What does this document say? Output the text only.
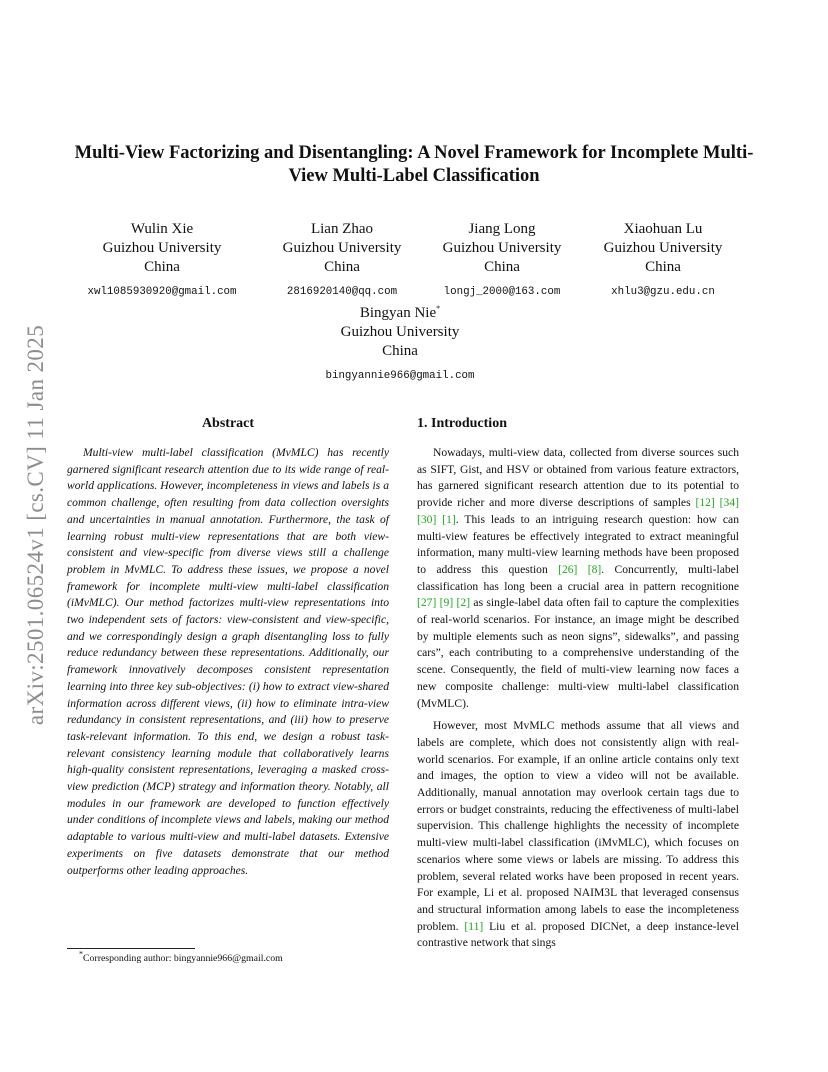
arXiv:2501.06524v1 [cs.CV] 11 Jan 2025
Multi-View Factorizing and Disentangling: A Novel Framework for Incomplete Multi-View Multi-Label Classification
Wulin Xie
Guizhou University
China
xwl1085930920@gmail.com
Lian Zhao
Guizhou University
China
2816920140@qq.com
Jiang Long
Guizhou University
China
longj_2000@163.com
Xiaohuan Lu
Guizhou University
China
xhlu3@gzu.edu.cn
Bingyan Nie*
Guizhou University
China
bingyannie966@gmail.com
Abstract

Multi-view multi-label classification (MvMLC) has recently garnered significant research attention due to its wide range of real-world applications. However, incompleteness in views and labels is a common challenge, often resulting from data collection oversights and uncertainties in manual annotation. Furthermore, the task of learning robust multi-view representations that are both view-consistent and view-specific from diverse views still a challenge problem in MvMLC. To address these issues, we propose a novel framework for incomplete multi-view multi-label classification (iMvMLC). Our method factorizes multi-view representations into two independent sets of factors: view-consistent and view-specific, and we correspondingly design a graph disentangling loss to fully reduce redundancy between these representations. Additionally, our framework innovatively decomposes consistent representation learning into three key sub-objectives: (i) how to extract view-shared information across different views, (ii) how to eliminate intra-view redundancy in consistent representations, and (iii) how to preserve task-relevant information. To this end, we design a robust task-relevant consistency learning module that collaboratively learns high-quality consistent representations, leveraging a masked cross-view prediction (MCP) strategy and information theory. Notably, all modules in our framework are developed to function effectively under conditions of incomplete views and labels, making our method adaptable to various multi-view and multi-label datasets. Extensive experiments on five datasets demonstrate that our method outperforms other leading approaches.

1. Introduction

Nowadays, multi-view data, collected from diverse sources such as SIFT, Gist, and HSV or obtained from various feature extractors, has garnered significant research attention due to its potential to provide richer and more diverse descriptions of samples [12] [34] [30] [1]. This leads to an intriguing research question: how can multi-view features be effectively integrated to extract meaningful information, many multi-view learning methods have been proposed to address this question [26] [8]. Concurrently, multi-label classification has long been a crucial area in pattern recognitione [27] [9] [2] as single-label data often fail to capture the complexities of real-world scenarios. For instance, an image might be described by multiple elements such as neon signs”, sidewalks”, and passing cars”, each contributing to a comprehensive understanding of the scene. Consequently, the field of multi-view learning now faces a new composite challenge: multi-view multi-label classification (MvMLC).

However, most MvMLC methods assume that all views and labels are complete, which does not consistently align with real-world scenarios. For example, if an online article contains only text and images, the option to view a video will not be available. Additionally, manual annotation may overlook certain tags due to errors or budget constraints, reducing the effectiveness of multi-label supervision. This challenge highlights the necessity of incomplete multi-view multi-label classification (iMvMLC), which focuses on scenarios where some views or labels are missing. To address this problem, several related works have been proposed in recent years. For example, Li et al. proposed NAIM3L that leveraged consensus and structural information among labels to ease the incompleteness problem. [11] Liu et al. proposed DICNet, a deep instance-level contrastive network that sings

*Corresponding author: bingyannie966@gmail.com
